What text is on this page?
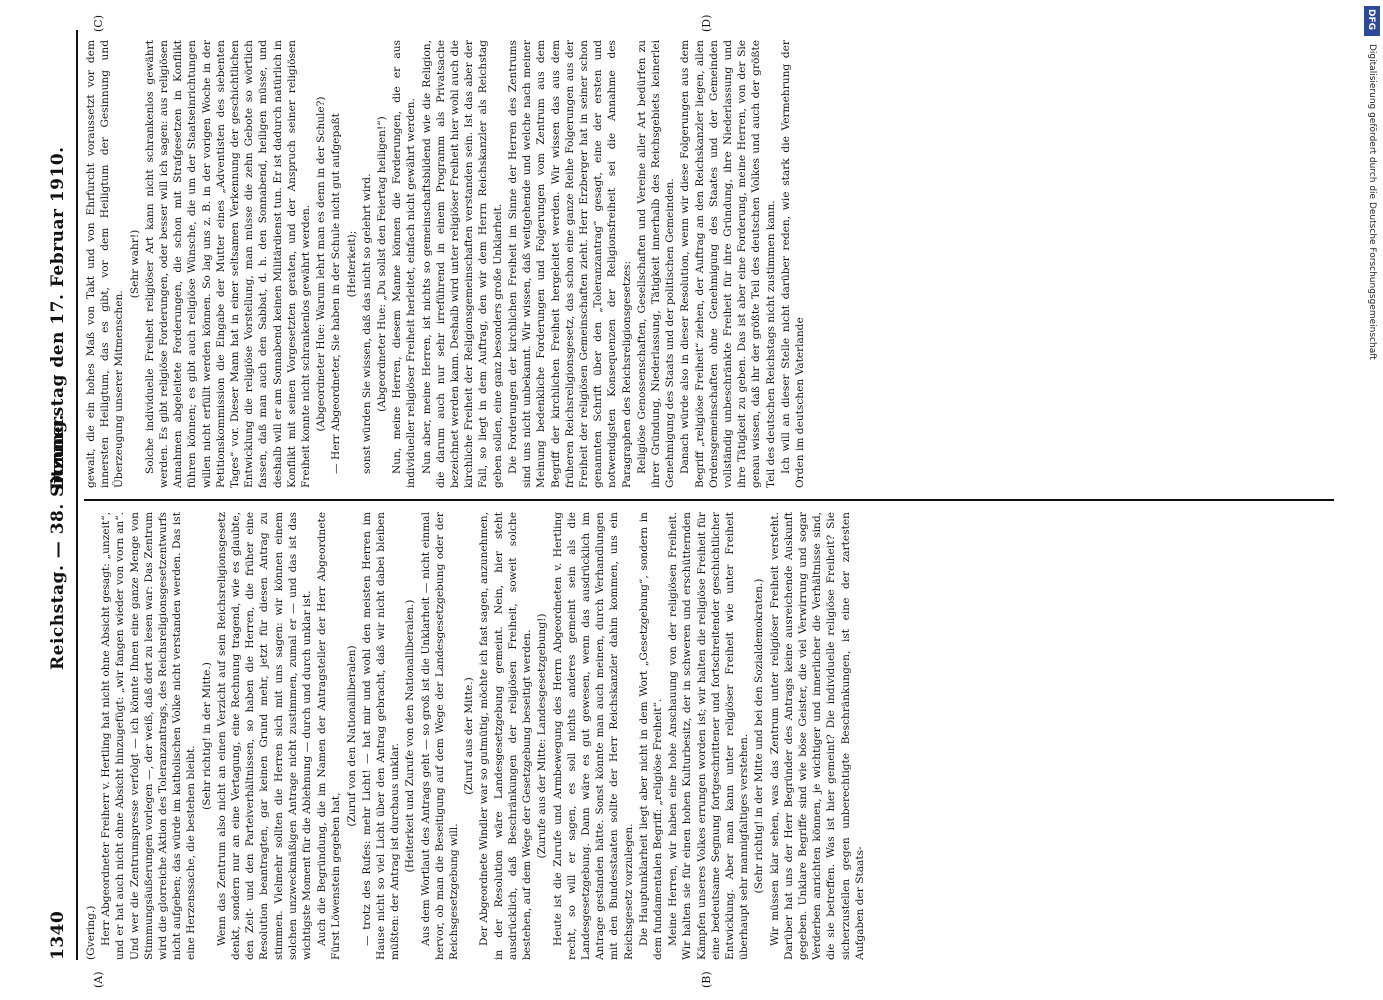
1340
Reichstag. — 38. Sitzung.
Donnerstag den 17. Februar 1910.
(A)	(B)
(C)	(D)

(Gvering.) Herr Abgeordneter Freiherr v. Hertling hat nicht ohne Absicht gesagt: „unzeit“, und er hat auch nicht ohne Absicht hinzugefügt: „wir fangen wieder von vorn an“. Und wer die Zentrumspresse verfolgt — ich könnte Ihnen eine ganze Menge von Stimmungsäußerungen vorlegen —, der weiß, daß dort zu lesen war: Das Zentrum wird die glorreiche Aktion des Toleranzantrags, des Reichsreligionsgesetzentwurfs nicht aufgeben; das würde im katholischen Volke nicht verstanden werden. Das ist eine Herzenssache, die bestehen bleibt.

(Sehr richtig! in der Mitte.) Wenn das Zentrum also nicht an einen Verzicht auf sein Reichsreligionsgesetz denkt, sondern nur an eine Vertagung, eine Rechnung tragend, wie es glaubte, den Zeit- und den Parteiverhältnissen, so haben die Herren, die früher eine Resolution beantragten, gar keinen Grund mehr, jetzt für diesen Antrag zu stimmen. Vielmehr sollten die Herren sich mit uns sagen: wir können einem solchen unzweckmäßigen Antrage nicht zustimmen, zumal er — und das ist das wichtigste Moment für die Ablehnung — durch und durch unklar ist. Auch die Begründung, die im Namen der Antragsteller der Herr Abgeordnete Fürst Löwenstein gegeben hat,

(Zuruf von den Nationalliberalen) — trotz des Rufes: mehr Licht! — hat mir und wohl den meisten Herren im Hause nicht so viel Licht über den Antrag gebracht, daß wir nicht dabei bleiben müßten: der Antrag ist durchaus unklar. (Heiterkeit und Zurufe von den Nationalliberalen.) Aus dem Wortlaut des Antrags geht — so groß ist die Unklarheit — nicht einmal hervor, ob man die Beseitigung auf dem Wege der Landesgesetzgebung oder der Reichsgesetzgebung will.

(Zuruf aus der Mitte.) Der Abgeordnete Windler war so gutmütig, möchte ich fast sagen, anzunehmen, in der Resolution wäre Landesgesetzgebung gemeint. Nein, hier steht ausdrücklich, daß Beschränkungen der religiösen Freiheit, soweit solche bestehen, auf dem Wege der Gesetzgebung beseitigt werden. (Zurufe aus der Mitte: Landesgesetzgebung!) Heute ist die Zurufe und Armbewegung des Herrn Abgeordneten v. Hertling recht, so will er sagen, es soll nichts anderes gemeint sein als die Landesgesetzgebung. Dann wäre es gut gewesen, wenn das ausdrücklich im Antrage gestanden hätte. Sonst könnte man auch meinen, durch Verhandlungen mit den Bundesstaaten sollte der Herr Reichskanzler dahin kommen, uns ein Reichsgesetz vorzulegen. Die Hauptunklarheit liegt aber nicht in dem Wort „Gesetzgebung“, sondern in dem fundamentalen Begriff: „religiöse Freiheit“. Meine Herren, wir haben eine hohe Anschauung von der religiösen Freiheit. Wir halten sie für einen hohen Kulturbesitz, der in schweren und erschütternden Kämpfen unseres Volkes errungen worden ist; wir halten die religiöse Freiheit für eine bedeutsame Segnung fortgeschrittener und fortschreitender geschichtlicher Entwicklung. Aber man kann unter religiöser Freiheit wie unter Freiheit überhaupt sehr mannigfaltiges verstehen. (Sehr richtig! in der Mitte und bei den Sozialdemokraten.) Wir müssen klar sehen, was das Zentrum unter religiöser Freiheit versteht. Darüber hat uns der Herr Begründer des Antrags keine ausreichende Auskunft gegeben. Unklare Begriffe sind wie böse Geister, die viel Verwirrung und sogar Verderben anrichten können, je wichtiger und innerlicher die Verhältnisse sind, die sie betreffen. Was ist hier gemeint? Die individuelle religiöse Freiheit? Sie sicherzustellen gegen unberechtigte Beschränkungen, ist eine der zartesten Aufgaben der Staats-

gewalt, die ein hohes Maß von Takt und von Ehrfurcht voraussetzt vor dem innersten Heiligtum, das es gibt, vor dem Heiligtum der Gesinnung und Überzeugung unserer Mitmenschen.

(Sehr wahr!) Solche individuelle Freiheit religiöser Art kann nicht schrankenlos gewährt werden. Es gibt religiöse Forderungen, oder besser will ich sagen: aus religiösen Annahmen abgeleitete Forderungen, die schon mit Strafgesetzen in Konflikt führen können; es gibt auch religiöse Wünsche, die um der Staatseinrichtungen willen nicht erfüllt werden können. So lag uns z. B. in der vorigen Woche in der Petitionskommission die Eingabe der Mutter eines „Adventisten des siebenten Tages“ vor. Dieser Mann hat in einer seltsamen Verkennung der geschichtlichen Entwicklung die religiöse Vorstellung, man müsse die zehn Gebote so wörtlich fassen, daß man auch den Sabbat, d. h. den Sonnabend, heiligen müsse, und deshalb will er am Sonnabend keinen Militärdienst tun. Er ist dadurch natürlich in Konflikt mit seinen Vorgesetzten geraten, und der Anspruch seiner religiösen Freiheit konnte nicht schrankenlos gewährt werden. (Abgeordneter Hue: Warum lehrt man es denn in der Schule?) — Herr Abgeordneter, Sie haben in der Schule nicht gut aufgepaßt (Heiterkeit); sonst würden Sie wissen, daß das nicht so gelehrt wird. (Abgeordneter Hue: „Du sollst den Feiertag heiligen!“) Nun, meine Herren, diesem Manne können die Forderungen, die er aus individueller religiöser Freiheit herleitet, einfach nicht gewährt werden. Nun aber, meine Herren, ist nichts so gemeinschaftsbildend wie die Religion, die darum auch nur sehr irreführend in einem Programm als Privatsache bezeichnet werden kann. Deshalb wird unter religiöser Freiheit hier wohl auch die kirchliche Freiheit der Religionsgemeinschaften verstanden sein. Ist das aber der Fall, so liegt in dem Auftrag, den wir dem Herrn Reichskanzler als Reichstag geben sollen, eine ganz besonders große Unklarheit. Die Forderungen der kirchlichen Freiheit im Sinne der Herren des Zentrums sind uns nicht unbekannt. Wir wissen, daß weitgehende und welche nach meiner Meinung bedenkliche Forderungen und Folgerungen vom Zentrum aus dem Begriff der kirchlichen Freiheit hergeleitet werden. Wir wissen das aus dem früheren Reichsreligionsgesetz, das schon eine ganze Reihe Folgerungen aus der Freiheit der religiösen Gemeinschaften zieht. Herr Erzberger hat in seiner schon genannten Schrift über den „Toleranzantrag“ gesagt, eine der ersten und notwendigsten Konsequenzen der Religionsfreiheit sei die Annahme des Paragraphen des Reichsreligionsgesetzes: Religiöse Genossenschaften, Gesellschaften und Vereine aller Art bedürfen zu ihrer Gründung, Niederlassung, Tätigkeit innerhalb des Reichsgebiets keinerlei Genehmigung des Staats und der politischen Gemeinden. Danach würde also in dieser Resolution, wenn wir diese Folgerungen aus dem Begriff „religiöse Freiheit“ ziehen, der Auftrag an den Reichskanzler liegen, allen Ordensgemeinschaften ohne Genehmigung des Staates und der Gemeinden vollständig unbeschränkte Freiheit für ihre Gründung, ihre Niederlassung und ihre Tätigkeit zu geben. Das ist aber eine Forderung, meine Herren, von der Sie genau wissen, daß ihr der größte Teil des deutschen Volkes und auch der größte Teil des deutschen Reichstags nicht zustimmen kann. Ich will an dieser Stelle nicht darüber reden, wie stark die Vermehrung der Orden im deutschen Vaterlande

DFG
Digitalisierung gefördert durch die Deutsche Forschungsgemeinschaft
